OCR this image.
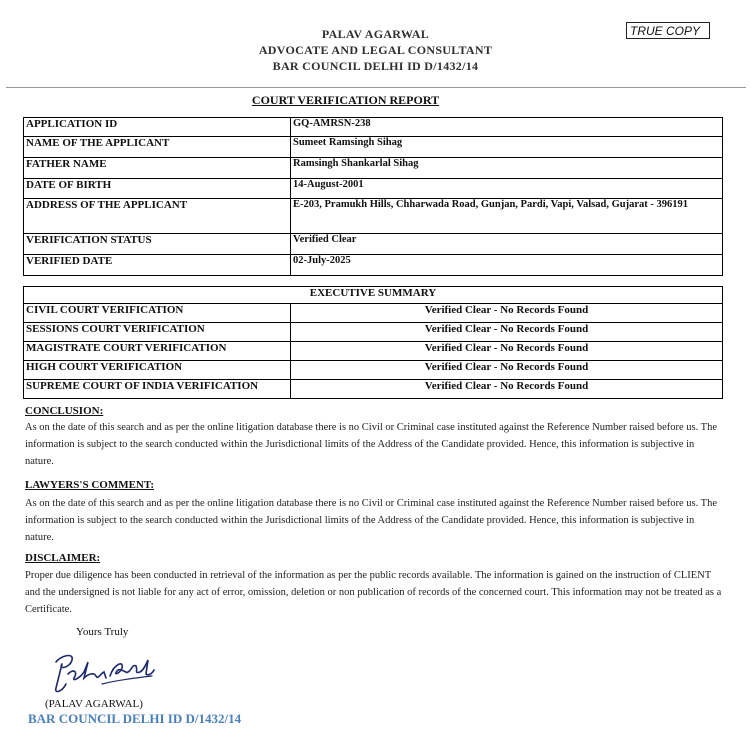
PALAV AGARWAL
ADVOCATE AND LEGAL CONSULTANT
BAR COUNCIL DELHI ID D/1432/14
TRUE COPY
COURT VERIFICATION REPORT
APPLICATION ID	GQ-AMRSN-238
NAME OF THE APPLICANT	Sumeet Ramsingh Sihag
FATHER NAME	Ramsingh Shankarlal Sihag
DATE OF BIRTH	14-August-2001
ADDRESS OF THE APPLICANT	E-203, Pramukh Hills, Chharwada Road, Gunjan, Pardi, Vapi, Valsad, Gujarat - 396191
VERIFICATION STATUS	Verified Clear
VERIFIED DATE	02-July-2025
EXECUTIVE SUMMARY	
CIVIL COURT VERIFICATION	Verified Clear - No Records Found
SESSIONS COURT VERIFICATION	Verified Clear - No Records Found
MAGISTRATE COURT VERIFICATION	Verified Clear - No Records Found
HIGH COURT VERIFICATION	Verified Clear - No Records Found
SUPREME COURT OF INDIA VERIFICATION	Verified Clear - No Records Found
CONCLUSION:
As on the date of this search and as per the online litigation database there is no Civil or Criminal case instituted against the Reference Number raised before us. The information is subject to the search conducted within the Jurisdictional limits of the Address of the Candidate provided. Hence, this information is subjective in nature.
LAWYERS'S COMMENT:
As on the date of this search and as per the online litigation database there is no Civil or Criminal case instituted against the Reference Number raised before us. The information is subject to the search conducted within the Jurisdictional limits of the Address of the Candidate provided. Hence, this information is subjective in nature.
DISCLAIMER:
Proper due diligence has been conducted in retrieval of the information as per the public records available. The information is gained on the instruction of CLIENT and the undersigned is not liable for any act of error, omission, deletion or non publication of records of the concerned court. This information may not be treated as a Certificate.
Yours Truly
(PALAV AGARWAL)
BAR COUNCIL DELHI ID D/1432/14
